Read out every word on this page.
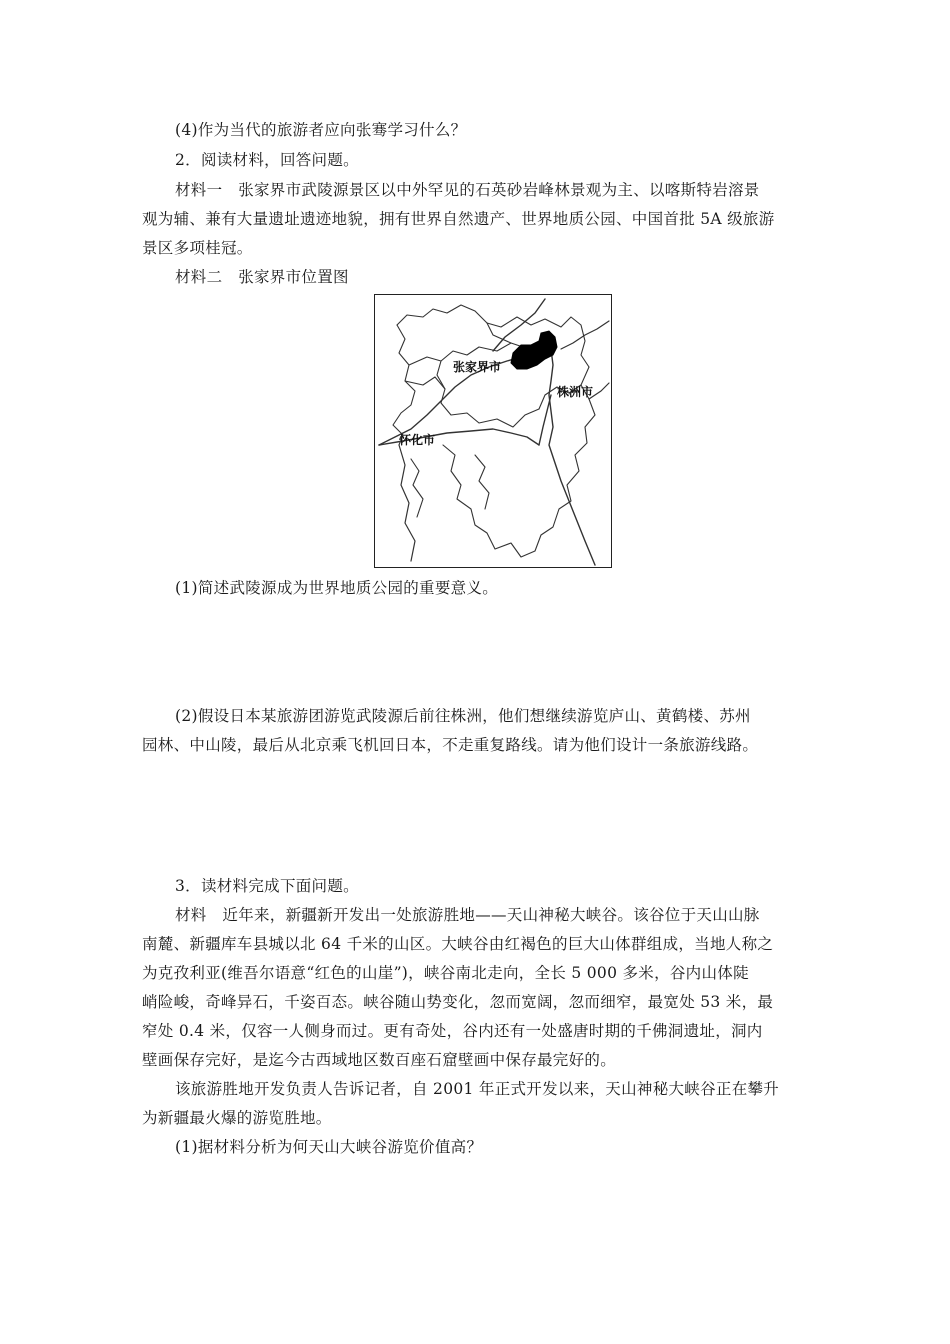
(4)作为当代的旅游者应向张骞学习什么？
2．阅读材料，回答问题。
材料一　张家界市武陵源景区以中外罕见的石英砂岩峰林景观为主、以喀斯特岩溶景
观为辅、兼有大量遗址遗迹地貌，拥有世界自然遗产、世界地质公园、中国首批 5A 级旅游
景区多项桂冠。
材料二　张家界市位置图
张家界市
株洲市
怀化市
(1)简述武陵源成为世界地质公园的重要意义。
(2)假设日本某旅游团游览武陵源后前往株洲，他们想继续游览庐山、黄鹤楼、苏州
园林、中山陵，最后从北京乘飞机回日本，不走重复路线。请为他们设计一条旅游线路。
3．读材料完成下面问题。
材料　近年来，新疆新开发出一处旅游胜地——天山神秘大峡谷。该谷位于天山山脉
南麓、新疆库车县城以北 64 千米的山区。大峡谷由红褐色的巨大山体群组成，当地人称之
为克孜利亚(维吾尔语意“红色的山崖”)，峡谷南北走向，全长 5 000 多米，谷内山体陡
峭险峻，奇峰异石，千姿百态。峡谷随山势变化，忽而宽阔，忽而细窄，最宽处 53 米，最
窄处 0.4 米，仅容一人侧身而过。更有奇处，谷内还有一处盛唐时期的千佛洞遗址，洞内
壁画保存完好，是迄今古西域地区数百座石窟壁画中保存最完好的。
该旅游胜地开发负责人告诉记者，自 2001 年正式开发以来，天山神秘大峡谷正在攀升
为新疆最火爆的游览胜地。
(1)据材料分析为何天山大峡谷游览价值高？
